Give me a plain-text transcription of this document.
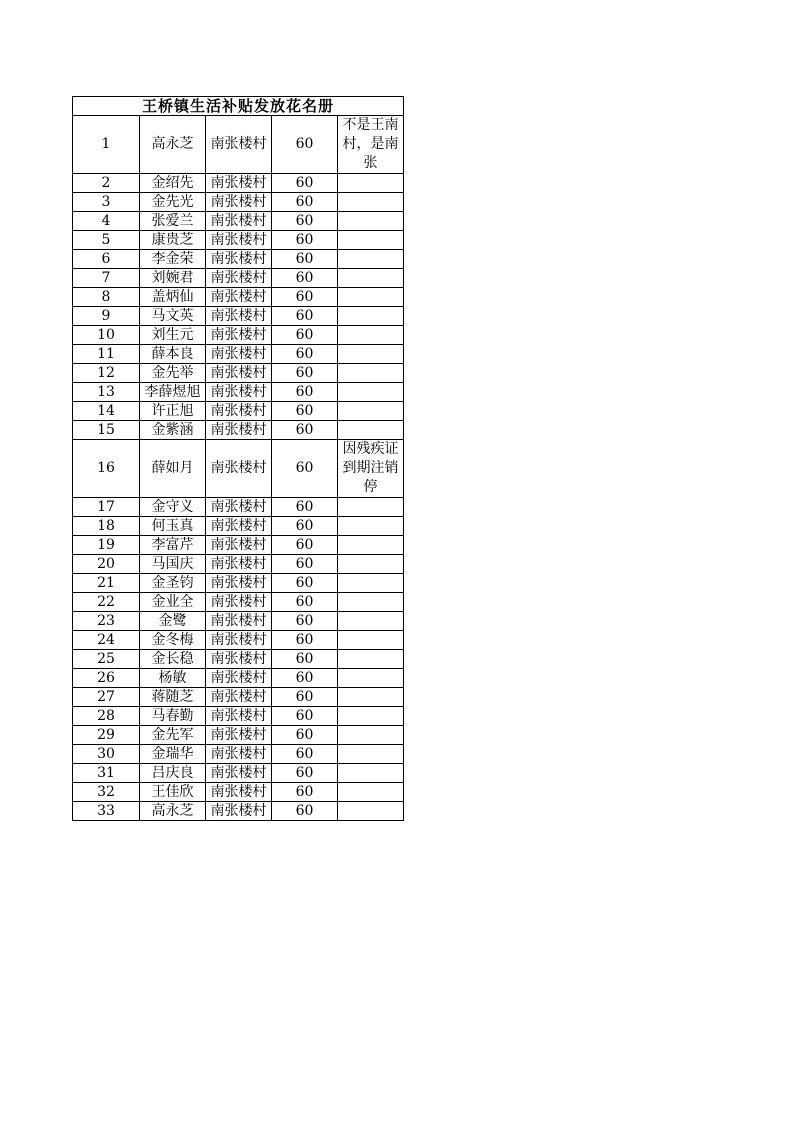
王桥镇生活补贴发放花名册				
1	高永芝	南张楼村	60	不是王南村，是南张
2	金绍先	南张楼村	60	
3	金先光	南张楼村	60	
4	张爱兰	南张楼村	60	
5	康贵芝	南张楼村	60	
6	李金荣	南张楼村	60	
7	刘婉君	南张楼村	60	
8	盖炳仙	南张楼村	60	
9	马文英	南张楼村	60	
10	刘生元	南张楼村	60	
11	薛本良	南张楼村	60	
12	金先举	南张楼村	60	
13	李薛煜旭	南张楼村	60	
14	许正旭	南张楼村	60	
15	金紫涵	南张楼村	60	
16	薛如月	南张楼村	60	因残疾证到期注销停
17	金守义	南张楼村	60	
18	何玉真	南张楼村	60	
19	李富芹	南张楼村	60	
20	马国庆	南张楼村	60	
21	金圣钧	南张楼村	60	
22	金业全	南张楼村	60	
23	金鹭	南张楼村	60	
24	金冬梅	南张楼村	60	
25	金长稳	南张楼村	60	
26	杨敏	南张楼村	60	
27	蒋随芝	南张楼村	60	
28	马春勤	南张楼村	60	
29	金先军	南张楼村	60	
30	金瑞华	南张楼村	60	
31	吕庆良	南张楼村	60	
32	王佳欣	南张楼村	60	
33	高永芝	南张楼村	60	
